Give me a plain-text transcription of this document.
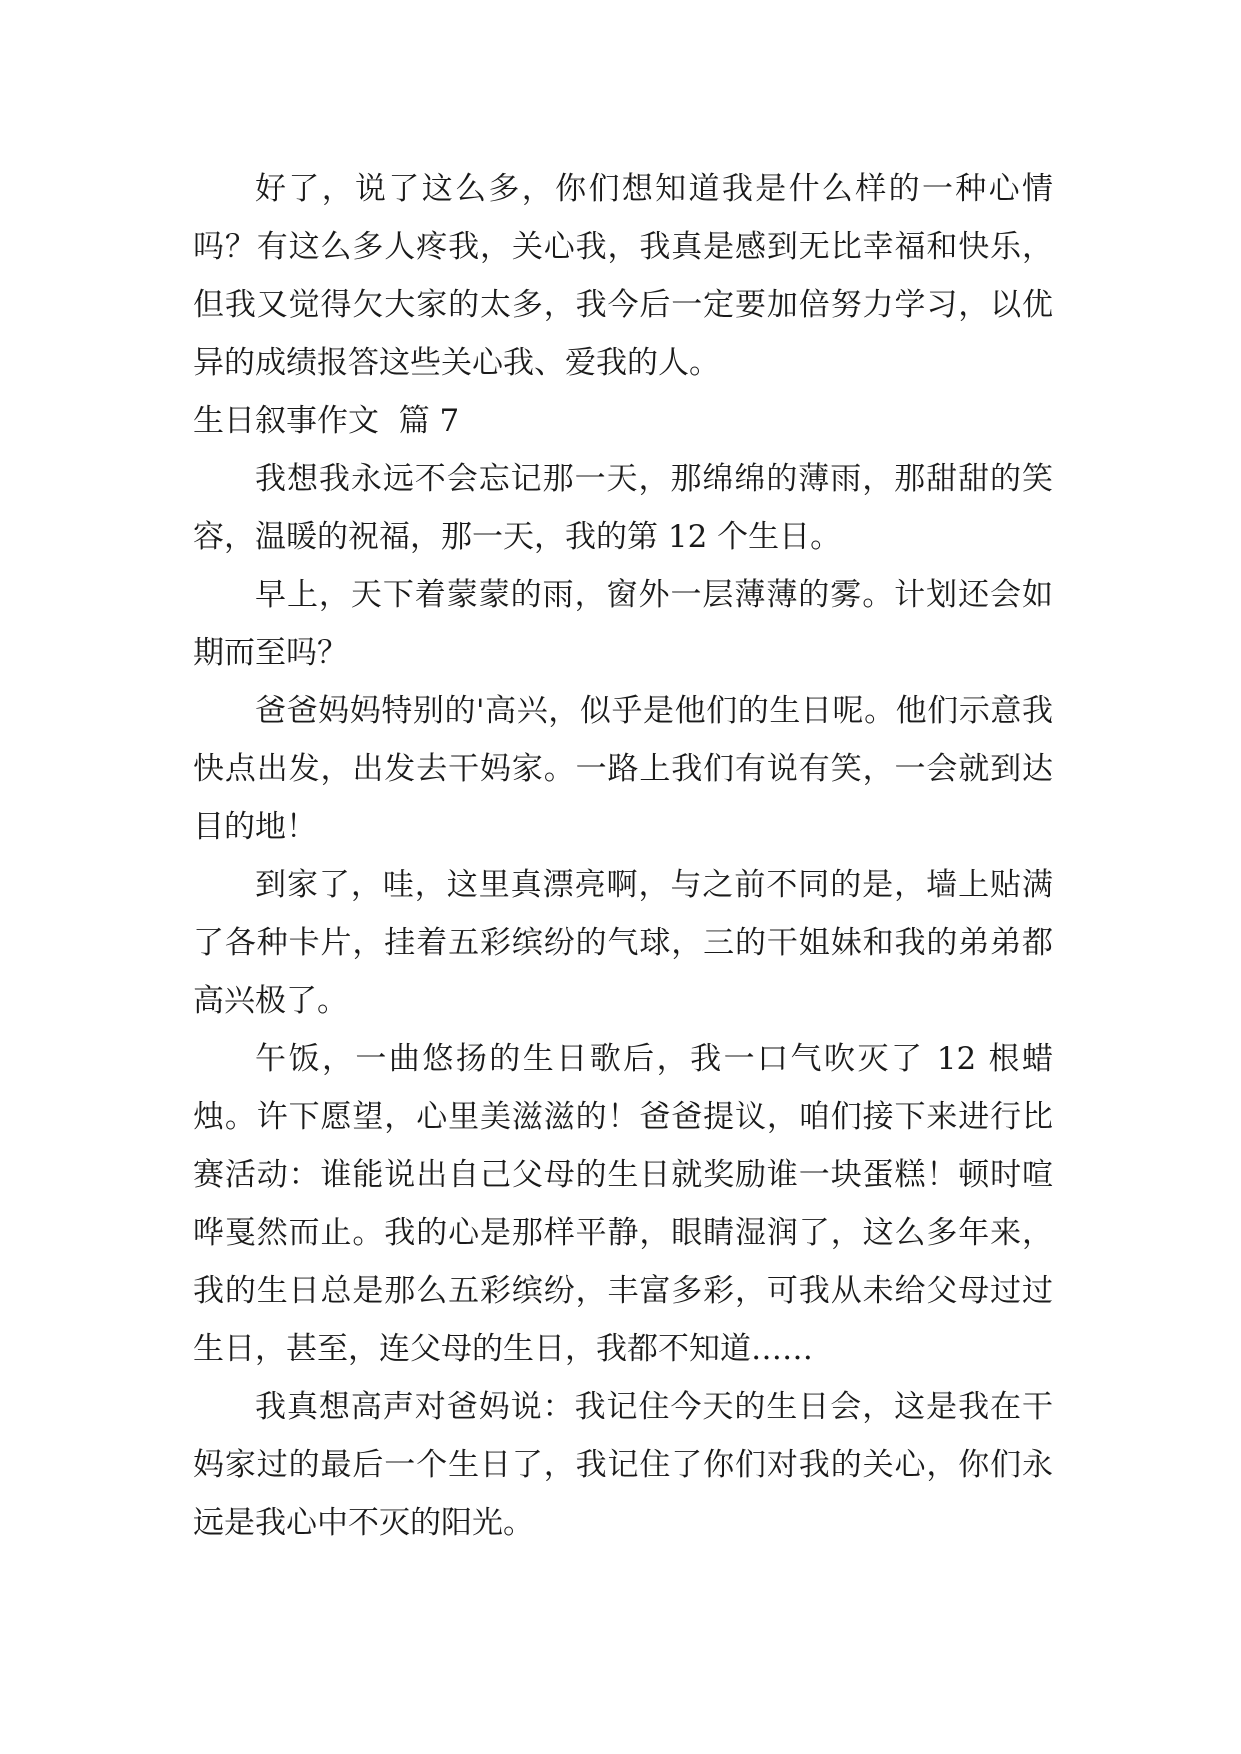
好了，说了这么多，你们想知道我是什么样的一种心情吗？有这么多人疼我，关心我，我真是感到无比幸福和快乐，但我又觉得欠大家的太多，我今后一定要加倍努力学习，以优异的成绩报答这些关心我、爱我的人。

生日叙事作文  篇 7

我想我永远不会忘记那一天，那绵绵的薄雨，那甜甜的笑容，温暖的祝福，那一天，我的第 12 个生日。

早上，天下着蒙蒙的雨，窗外一层薄薄的雾。计划还会如期而至吗？

爸爸妈妈特别的'高兴，似乎是他们的生日呢。他们示意我快点出发，出发去干妈家。一路上我们有说有笑，一会就到达目的地！

到家了，哇，这里真漂亮啊，与之前不同的是，墙上贴满了各种卡片，挂着五彩缤纷的气球，三的干姐妹和我的弟弟都高兴极了。

午饭，一曲悠扬的生日歌后，我一口气吹灭了 12 根蜡烛。许下愿望，心里美滋滋的！爸爸提议，咱们接下来进行比赛活动：谁能说出自己父母的生日就奖励谁一块蛋糕！顿时喧哗戛然而止。我的心是那样平静，眼睛湿润了，这么多年来，我的生日总是那么五彩缤纷，丰富多彩，可我从未给父母过过生日，甚至，连父母的生日，我都不知道……

我真想高声对爸妈说：我记住今天的生日会，这是我在干妈家过的最后一个生日了，我记住了你们对我的关心，你们永远是我心中不灭的阳光。
